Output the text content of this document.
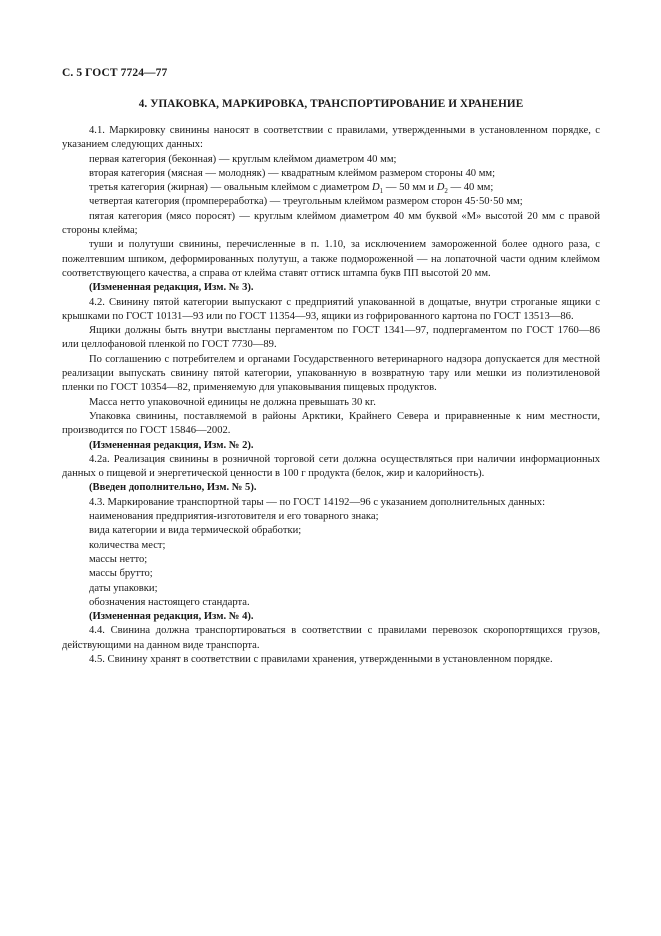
С. 5 ГОСТ 7724—77
4. УПАКОВКА, МАРКИРОВКА, ТРАНСПОРТИРОВАНИЕ И ХРАНЕНИЕ

4.1. Маркировку свинины наносят в соответствии с правилами, утвержденными в установленном порядке, с указанием следующих данных:

первая категория (беконная) — круглым клеймом диаметром 40 мм;

вторая категория (мясная — молодняк) — квадратным клеймом размером стороны 40 мм;

третья категория (жирная) — овальным клеймом с диаметром $D_1$ — 50 мм и $D_2$ — 40 мм;

четвертая категория (промпереработка) — треугольным клеймом размером сторон 45·50·50 мм;

пятая категория (мясо поросят) — круглым клеймом диаметром 40 мм буквой «М» высотой 20 мм с правой стороны клейма;

туши и полутуши свинины, перечисленные в п. 1.10, за исключением замороженной более одного раза, с пожелтевшим шпиком, деформированных полутуш, а также подмороженной — на лопаточной части одним клеймом соответствующего качества, а справа от клейма ставят оттиск штампа букв ПП высотой 20 мм.

(Измененная редакция, Изм. № 3).

4.2. Свинину пятой категории выпускают с предприятий упакованной в дощатые, внутри строганые ящики с крышками по ГОСТ 10131—93 или по ГОСТ 11354—93, ящики из гофрированного картона по ГОСТ 13513—86.

Ящики должны быть внутри выстланы пергаментом по ГОСТ 1341—97, подпергаментом по ГОСТ 1760—86 или целлофановой пленкой по ГОСТ 7730—89.

По соглашению с потребителем и органами Государственного ветеринарного надзора допускается для местной реализации выпускать свинину пятой категории, упакованную в возвратную тару или мешки из полиэтиленовой пленки по ГОСТ 10354—82, применяемую для упаковывания пищевых продуктов.

Масса нетто упаковочной единицы не должна превышать 30 кг.

Упаковка свинины, поставляемой в районы Арктики, Крайнего Севера и приравненные к ним местности, производится по ГОСТ 15846—2002.

(Измененная редакция, Изм. № 2).

4.2а. Реализация свинины в розничной торговой сети должна осуществляться при наличии информационных данных о пищевой и энергетической ценности в 100 г продукта (белок, жир и калорийность).

(Введен дополнительно, Изм. № 5).

4.3. Маркирование транспортной тары — по ГОСТ 14192—96 с указанием дополнительных данных:

наименования предприятия-изготовителя и его товарного знака;

вида категории и вида термической обработки;

количества мест;

массы нетто;

массы брутто;

даты упаковки;

обозначения настоящего стандарта.

(Измененная редакция, Изм. № 4).

4.4. Свинина должна транспортироваться в соответствии с правилами перевозок скоропортящихся грузов, действующими на данном виде транспорта.

4.5. Свинину хранят в соответствии с правилами хранения, утвержденными в установленном порядке.
